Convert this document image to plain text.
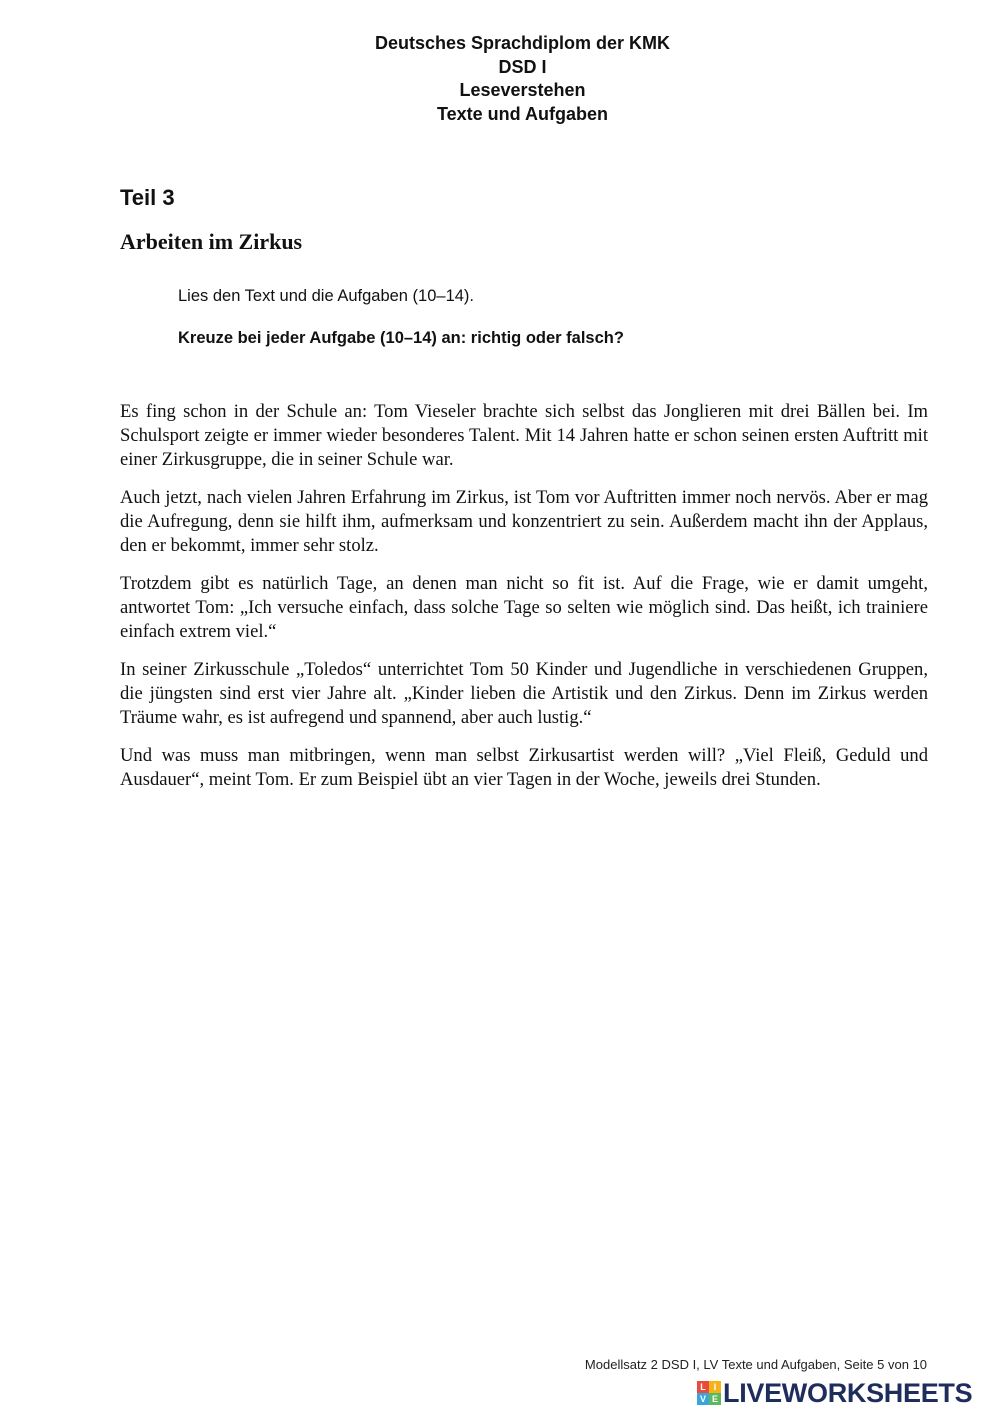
Deutsches Sprachdiplom der KMK
DSD I
Leseverstehen
Texte und Aufgaben
Teil 3
Arbeiten im Zirkus

Lies den Text und die Aufgaben (10–14).

Kreuze bei jeder Aufgabe (10–14) an: richtig oder falsch?

Es fing schon in der Schule an: Tom Vieseler brachte sich selbst das Jonglieren mit drei Bällen bei. Im Schulsport zeigte er immer wieder besonderes Talent. Mit 14 Jahren hatte er schon seinen ersten Auftritt mit einer Zirkusgruppe, die in seiner Schule war.

Auch jetzt, nach vielen Jahren Erfahrung im Zirkus, ist Tom vor Auftritten immer noch nervös. Aber er mag die Aufregung, denn sie hilft ihm, aufmerksam und konzentriert zu sein. Außerdem macht ihn der Applaus, den er bekommt, immer sehr stolz.

Trotzdem gibt es natürlich Tage, an denen man nicht so fit ist. Auf die Frage, wie er damit umgeht, antwortet Tom: „Ich versuche einfach, dass solche Tage so selten wie möglich sind. Das heißt, ich trainiere einfach extrem viel.“

In seiner Zirkusschule „Toledos“ unterrichtet Tom 50 Kinder und Jugendliche in verschiedenen Gruppen, die jüngsten sind erst vier Jahre alt. „Kinder lieben die Artistik und den Zirkus. Denn im Zirkus werden Träume wahr, es ist aufregend und spannend, aber auch lustig.“

Und was muss man mitbringen, wenn man selbst Zirkusartist werden will? „Viel Fleiß, Geduld und Ausdauer“, meint Tom. Er zum Beispiel übt an vier Tagen in der Woche, jeweils drei Stunden.

Modellsatz 2 DSD I, LV Texte und Aufgaben, Seite 5 von 10
L I
V E LIVEWORKSHEETS
